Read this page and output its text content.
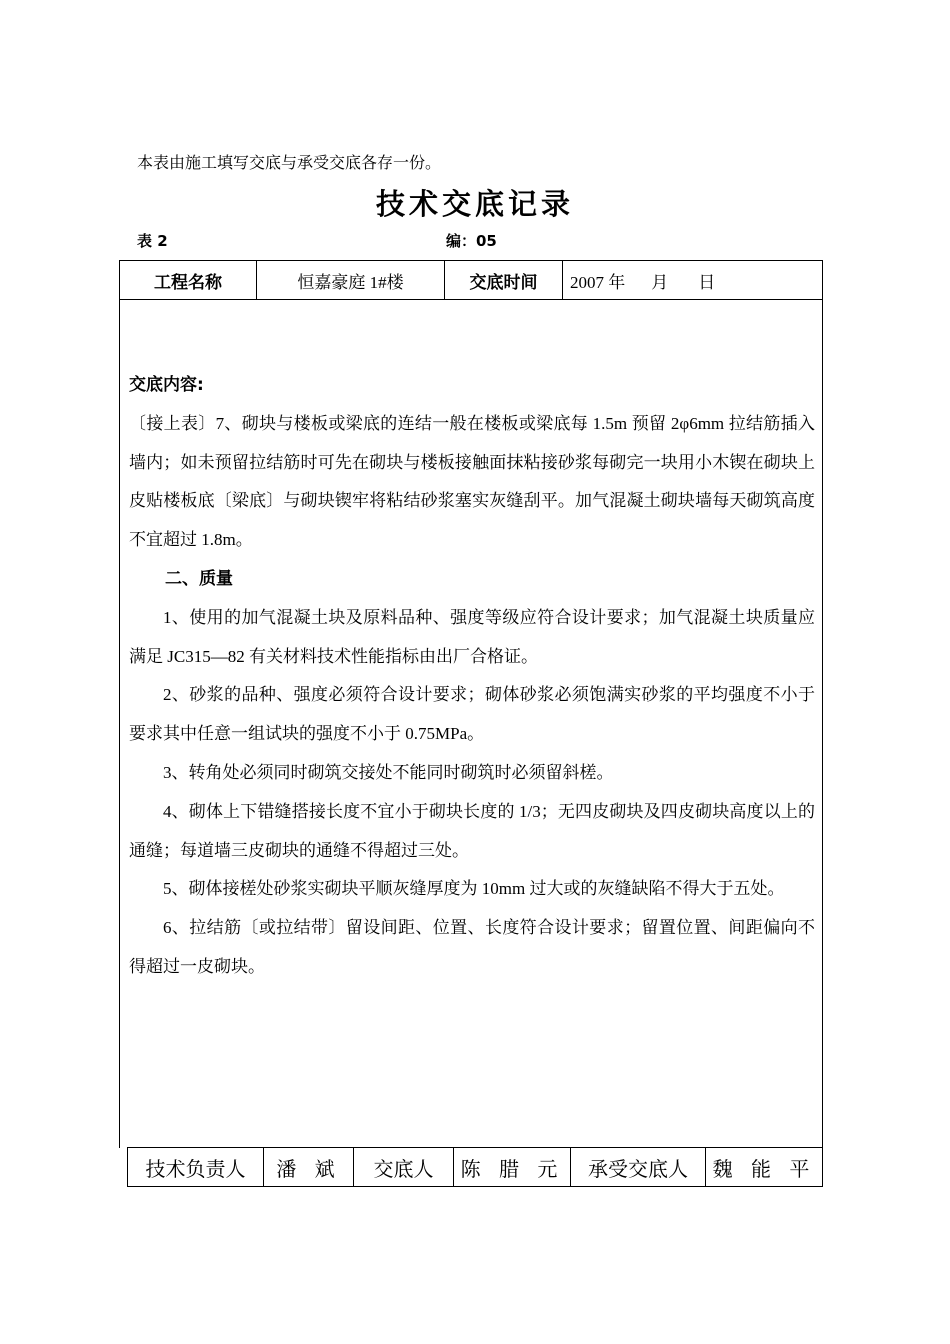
本表由施工填写交底与承受交底各存一份。
技术交底记录
表 2	编：05
工程名称	恒嘉豪庭 1#楼	交底时间	2007 年 月 日

交底内容:

〔接上表〕7、砌块与楼板或梁底的连结一般在楼板或梁底每 1.5m 预留 2φ6mm 拉结筋插入墙内；如未预留拉结筋时可先在砌块与楼板接触面抹粘接砂浆每砌完一块用小木锲在砌块上皮贴楼板底〔梁底〕与砌块锲牢将粘结砂浆塞实灰缝刮平。加气混凝土砌块墙每天砌筑高度不宜超过 1.8m。

二、质量

1、使用的加气混凝土块及原料品种、强度等级应符合设计要求；加气混凝土块质量应满足 JC315—82 有关材料技术性能指标由出厂合格证。

2、砂浆的品种、强度必须符合设计要求；砌体砂浆必须饱满实砂浆的平均强度不小于要求其中任意一组试块的强度不小于 0.75MPa。

3、转角处必须同时砌筑交接处不能同时砌筑时必须留斜槎。

4、砌体上下错缝搭接长度不宜小于砌块长度的 1/3；无四皮砌块及四皮砌块高度以上的通缝；每道墙三皮砌块的通缝不得超过三处。

5、砌体接槎处砂浆实砌块平顺灰缝厚度为 10mm 过大或的灰缝缺陷不得大于五处。

6、拉结筋〔或拉结带〕留设间距、位置、长度符合设计要求；留置位置、间距偏向不得超过一皮砌块。

技术负责人	潘 斌	交底人	陈 腊 元	承受交底人	魏 能 平
